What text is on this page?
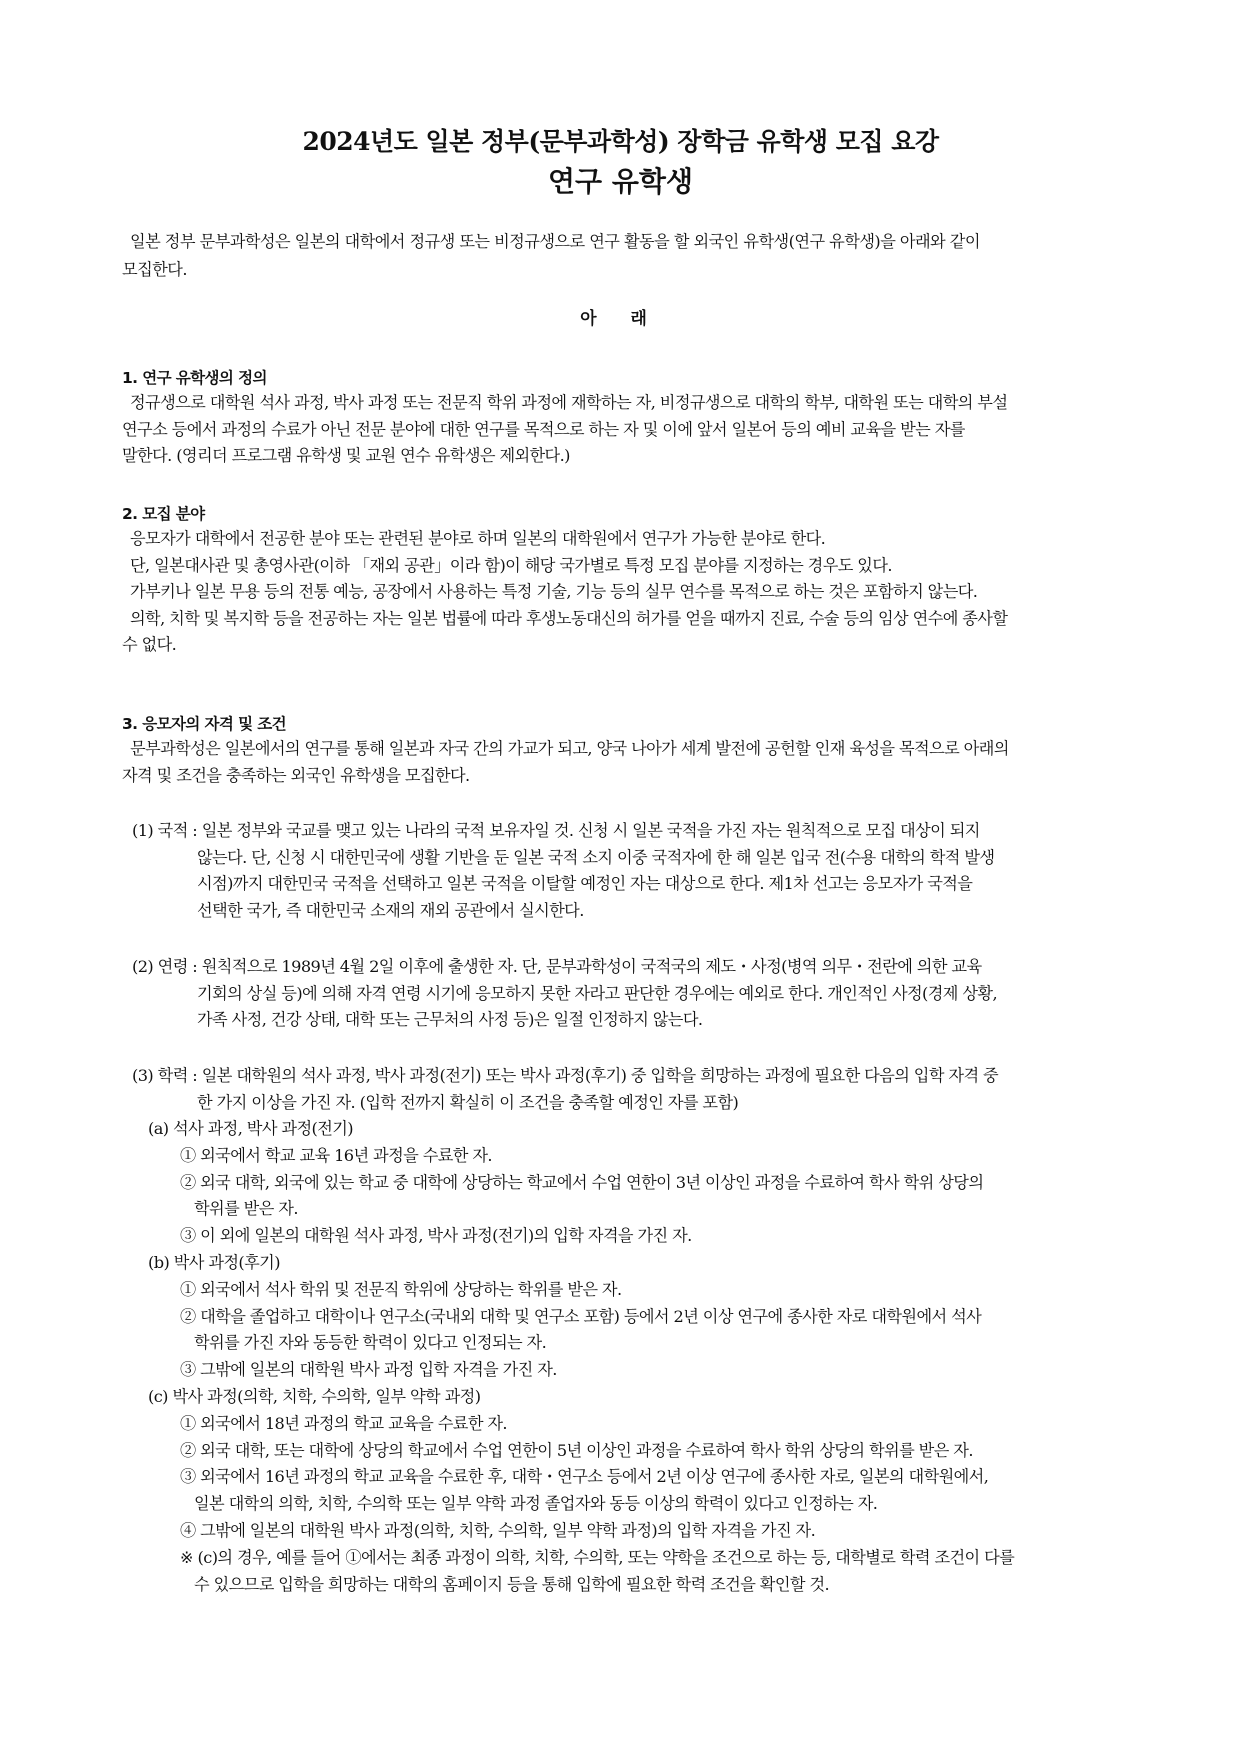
2024년도 일본 정부(문부과학성) 장학금 유학생 모집 요강
연구 유학생
일본 정부 문부과학성은 일본의 대학에서 정규생 또는 비정규생으로 연구 활동을 할 외국인 유학생(연구 유학생)을 아래와 같이
모집한다.
아 래
1. 연구 유학생의 정의
정규생으로 대학원 석사 과정, 박사 과정 또는 전문직 학위 과정에 재학하는 자, 비정규생으로 대학의 학부, 대학원 또는 대학의 부설
연구소 등에서 과정의 수료가 아닌 전문 분야에 대한 연구를 목적으로 하는 자 및 이에 앞서 일본어 등의 예비 교육을 받는 자를
말한다. (영리더 프로그램 유학생 및 교원 연수 유학생은 제외한다.)
2. 모집 분야
응모자가 대학에서 전공한 분야 또는 관련된 분야로 하며 일본의 대학원에서 연구가 가능한 분야로 한다.
단, 일본대사관 및 총영사관(이하 「재외 공관」이라 함)이 해당 국가별로 특정 모집 분야를 지정하는 경우도 있다.
가부키나 일본 무용 등의 전통 예능, 공장에서 사용하는 특정 기술, 기능 등의 실무 연수를 목적으로 하는 것은 포함하지 않는다.
의학, 치학 및 복지학 등을 전공하는 자는 일본 법률에 따라 후생노동대신의 허가를 얻을 때까지 진료, 수술 등의 임상 연수에 종사할
수 없다.
3. 응모자의 자격 및 조건
문부과학성은 일본에서의 연구를 통해 일본과 자국 간의 가교가 되고, 양국 나아가 세계 발전에 공헌할 인재 육성을 목적으로 아래의
자격 및 조건을 충족하는 외국인 유학생을 모집한다.
(1) 국적 : 일본 정부와 국교를 맺고 있는 나라의 국적 보유자일 것. 신청 시 일본 국적을 가진 자는 원칙적으로 모집 대상이 되지
않는다. 단, 신청 시 대한민국에 생활 기반을 둔 일본 국적 소지 이중 국적자에 한 해 일본 입국 전(수용 대학의 학적 발생
시점)까지 대한민국 국적을 선택하고 일본 국적을 이탈할 예정인 자는 대상으로 한다. 제1차 선고는 응모자가 국적을
선택한 국가, 즉 대한민국 소재의 재외 공관에서 실시한다.
(2) 연령 : 원칙적으로 1989년 4월 2일 이후에 출생한 자. 단, 문부과학성이 국적국의 제도・사정(병역 의무・전란에 의한 교육
기회의 상실 등)에 의해 자격 연령 시기에 응모하지 못한 자라고 판단한 경우에는 예외로 한다. 개인적인 사정(경제 상황,
가족 사정, 건강 상태, 대학 또는 근무처의 사정 등)은 일절 인정하지 않는다.
(3) 학력 : 일본 대학원의 석사 과정, 박사 과정(전기) 또는 박사 과정(후기) 중 입학을 희망하는 과정에 필요한 다음의 입학 자격 중
한 가지 이상을 가진 자. (입학 전까지 확실히 이 조건을 충족할 예정인 자를 포함)
(a) 석사 과정, 박사 과정(전기)
① 외국에서 학교 교육 16년 과정을 수료한 자.
② 외국 대학, 외국에 있는 학교 중 대학에 상당하는 학교에서 수업 연한이 3년 이상인 과정을 수료하여 학사 학위 상당의
학위를 받은 자.
③ 이 외에 일본의 대학원 석사 과정, 박사 과정(전기)의 입학 자격을 가진 자.
(b) 박사 과정(후기)
① 외국에서 석사 학위 및 전문직 학위에 상당하는 학위를 받은 자.
② 대학을 졸업하고 대학이나 연구소(국내외 대학 및 연구소 포함) 등에서 2년 이상 연구에 종사한 자로 대학원에서 석사
학위를 가진 자와 동등한 학력이 있다고 인정되는 자.
③ 그밖에 일본의 대학원 박사 과정 입학 자격을 가진 자.
(c) 박사 과정(의학, 치학, 수의학, 일부 약학 과정)
① 외국에서 18년 과정의 학교 교육을 수료한 자.
② 외국 대학, 또는 대학에 상당의 학교에서 수업 연한이 5년 이상인 과정을 수료하여 학사 학위 상당의 학위를 받은 자.
③ 외국에서 16년 과정의 학교 교육을 수료한 후, 대학・연구소 등에서 2년 이상 연구에 종사한 자로, 일본의 대학원에서,
일본 대학의 의학, 치학, 수의학 또는 일부 약학 과정 졸업자와 동등 이상의 학력이 있다고 인정하는 자.
④ 그밖에 일본의 대학원 박사 과정(의학, 치학, 수의학, 일부 약학 과정)의 입학 자격을 가진 자.
※ (c)의 경우, 예를 들어 ①에서는 최종 과정이 의학, 치학, 수의학, 또는 약학을 조건으로 하는 등, 대학별로 학력 조건이 다를
수 있으므로 입학을 희망하는 대학의 홈페이지 등을 통해 입학에 필요한 학력 조건을 확인할 것.
